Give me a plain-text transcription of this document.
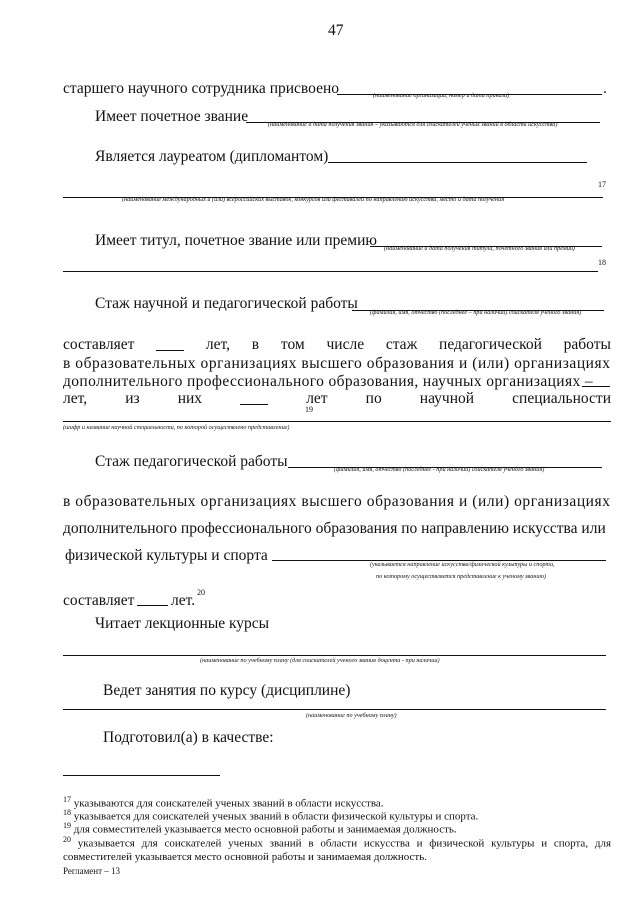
47
старшего научного сотрудника присвоено	.
(наименование организации, номер и дата приказа)
Имеет почетное звание	(наименование и дата получения звания – указываются для соискателей ученых званий в области искусства)
Является лауреатом (дипломантом)
17
(наименование международных и (или) всероссийских выставок, конкурсов или фестивалей по направлению искусства, место и дата получения
Имеет титул, почетное звание или премию (наименование и дата получения титула, почетного звания или премии)
18
Стаж научной и педагогической работы
(фамилия, имя, отчество (последнее – при наличии) соискателя ученого звания)
составляет	лет, в том числе стаж педагогической работы
в образовательных организациях высшего образования и (или) организациях
дополнительного профессионального образования, научных организациях –
лет, из них	лет по научной специальности
19
(шифр и название научной специальности, по которой осуществлено представление)
Стаж педагогической работы	(фамилия, имя, отчество (последнее - при наличии) соискателя ученого звания)
в образовательных организациях высшего образования и (или) организациях
дополнительного профессионального образования по направлению искусства или
физической культуры и спорта
(указывается направление искусства/физической культуры и спорта,
по которому осуществляется представление к ученому званию)
составляет лет. 20
Читает лекционные курсы
(наименование по учебному плану (для соискателей ученого звания доцента - при наличии)
Ведет занятия по курсу (дисциплине)
(наименование по учебному плану)
Подготовил(а) в качестве:
$^{17}$ указываются для соискателей ученых званий в области искусства.
$^{18}$ указывается для соискателей ученых званий в области физической культуры и спорта.
$^{19}$ для совместителей указывается место основной работы и занимаемая должность.
$^{20}$ указывается для соискателей ученых званий в области искусства и физической культуры и спорта, для совместителей указывается место основной работы и занимаемая должность.
Регламент – 13
